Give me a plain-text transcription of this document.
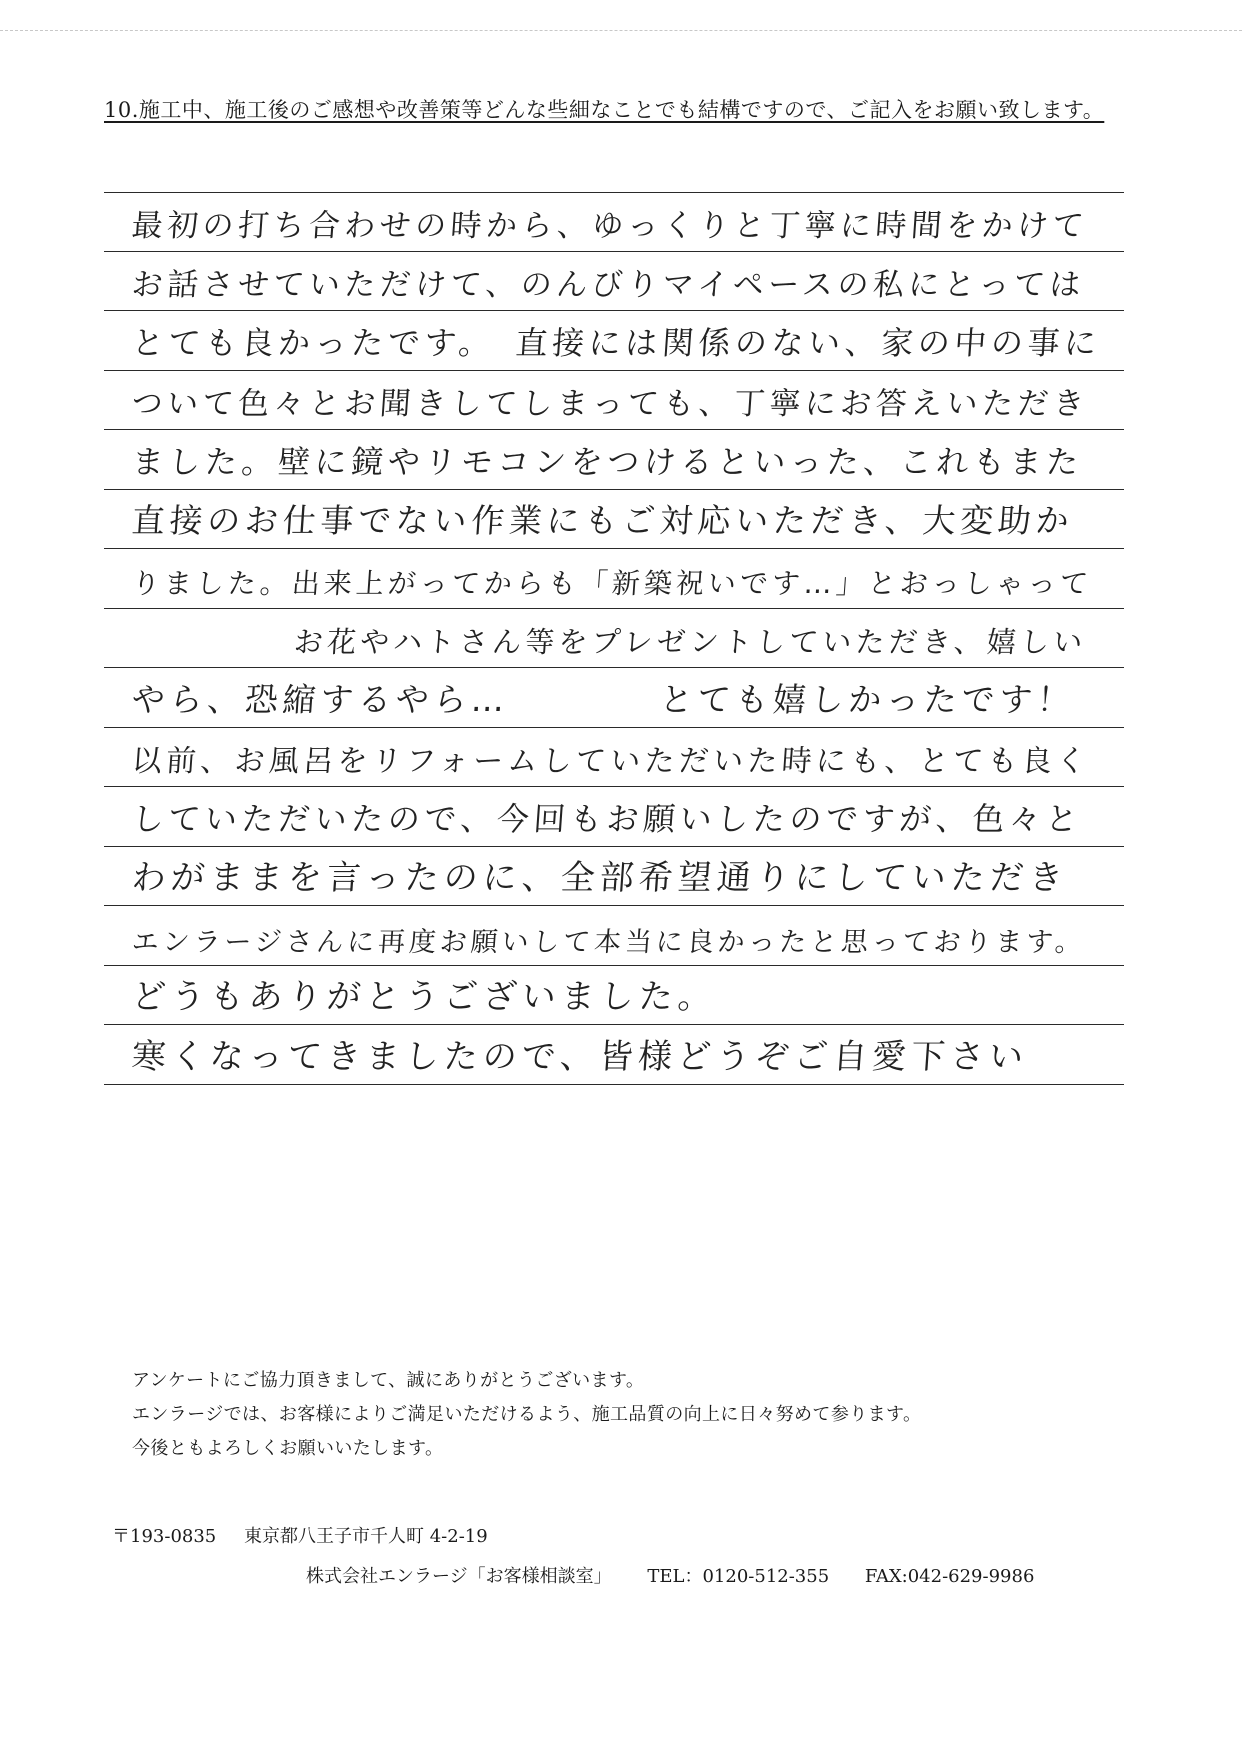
10.施工中、施工後のご感想や改善策等どんな些細なことでも結構ですので、ご記入をお願い致します。
最初の打ち合わせの時から、ゆっくりと丁寧に時間をかけて
お話させていただけて、のんびりマイペースの私にとっては
とても良かったです。　直接には関係のない、家の中の事に
ついて色々とお聞きしてしまっても、丁寧にお答えいただき
ました。壁に鏡やリモコンをつけるといった、これもまた
直接のお仕事でない作業にもご対応いただき、大変助か
りました。出来上がってからも「新築祝いです…」とおっしゃって
お花やハトさん等をプレゼントしていただき、嬉しい
やら、恐縮するやら…　　　　とても嬉しかったです！
以前、お風呂をリフォームしていただいた時にも、とても良く
していただいたので、今回もお願いしたのですが、色々と
わがままを言ったのに、全部希望通りにしていただき
エンラージさんに再度お願いして本当に良かったと思っております。
どうもありがとうございました。
寒くなってきましたので、皆様どうぞご自愛下さい
アンケートにご協力頂きまして、誠にありがとうございます。
エンラージでは、お客様によりご満足いただけるよう、施工品質の向上に日々努めて参ります。
今後ともよろしくお願いいたします。
〒193-0835 東京都八王子市千人町 4-2-19
株式会社エンラージ「お客様相談室」 TEL：0120-512-355 FAX:042-629-9986
